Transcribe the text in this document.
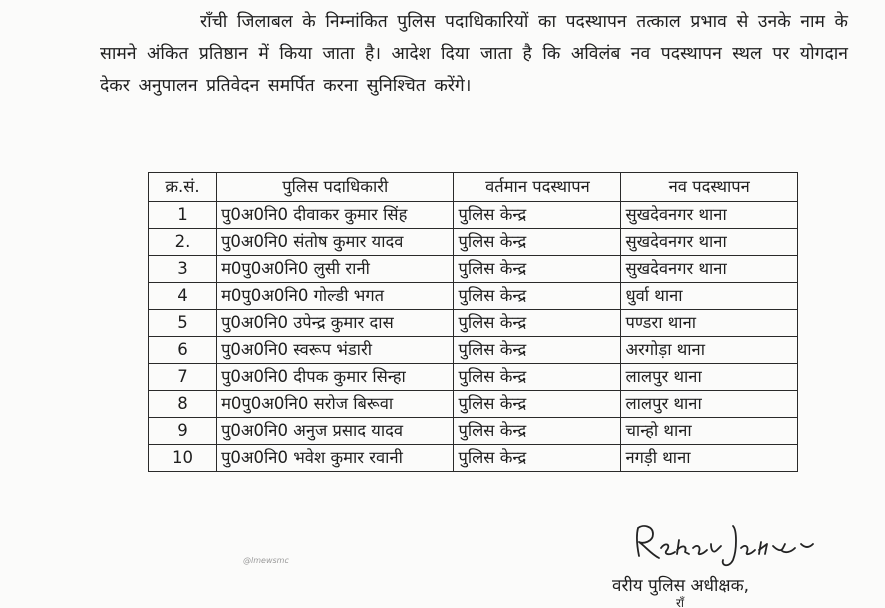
राँची जिलाबल के निम्नांकित पुलिस पदाधिकारियों का पदस्थापन तत्काल प्रभाव से उनके नाम के सामने अंकित प्रतिष्ठान में किया जाता है। आदेश दिया जाता है कि अविलंब नव पदस्थापन स्थल पर योगदान देकर अनुपालन प्रतिवेदन समर्पित करना सुनिश्चित करेंगे।

क्र.सं.	पुलिस पदाधिकारी	वर्तमान पदस्थापन	नव पदस्थापन
1	पु0अ0नि0 दीवाकर कुमार सिंह	पुलिस केन्द्र	सुखदेवनगर थाना
2.	पु0अ0नि0 संतोष कुमार यादव	पुलिस केन्द्र	सुखदेवनगर थाना
3	म0पु0अ0नि0 लुसी रानी	पुलिस केन्द्र	सुखदेवनगर थाना
4	म0पु0अ0नि0 गोल्डी भगत	पुलिस केन्द्र	धुर्वा थाना
5	पु0अ0नि0 उपेन्द्र कुमार दास	पुलिस केन्द्र	पण्डरा थाना
6	पु0अ0नि0 स्वरूप भंडारी	पुलिस केन्द्र	अरगोड़ा थाना
7	पु0अ0नि0 दीपक कुमार सिन्हा	पुलिस केन्द्र	लालपुर थाना
8	म0पु0अ0नि0 सरोज बिरूवा	पुलिस केन्द्र	लालपुर थाना
9	पु0अ0नि0 अनुज प्रसाद यादव	पुलिस केन्द्र	चान्हो थाना
10	पु0अ0नि0 भवेश कुमार रवानी	पुलिस केन्द्र	नगड़ी थाना
@lmewsmc
वरीय पुलिस अधीक्षक,
राँ
